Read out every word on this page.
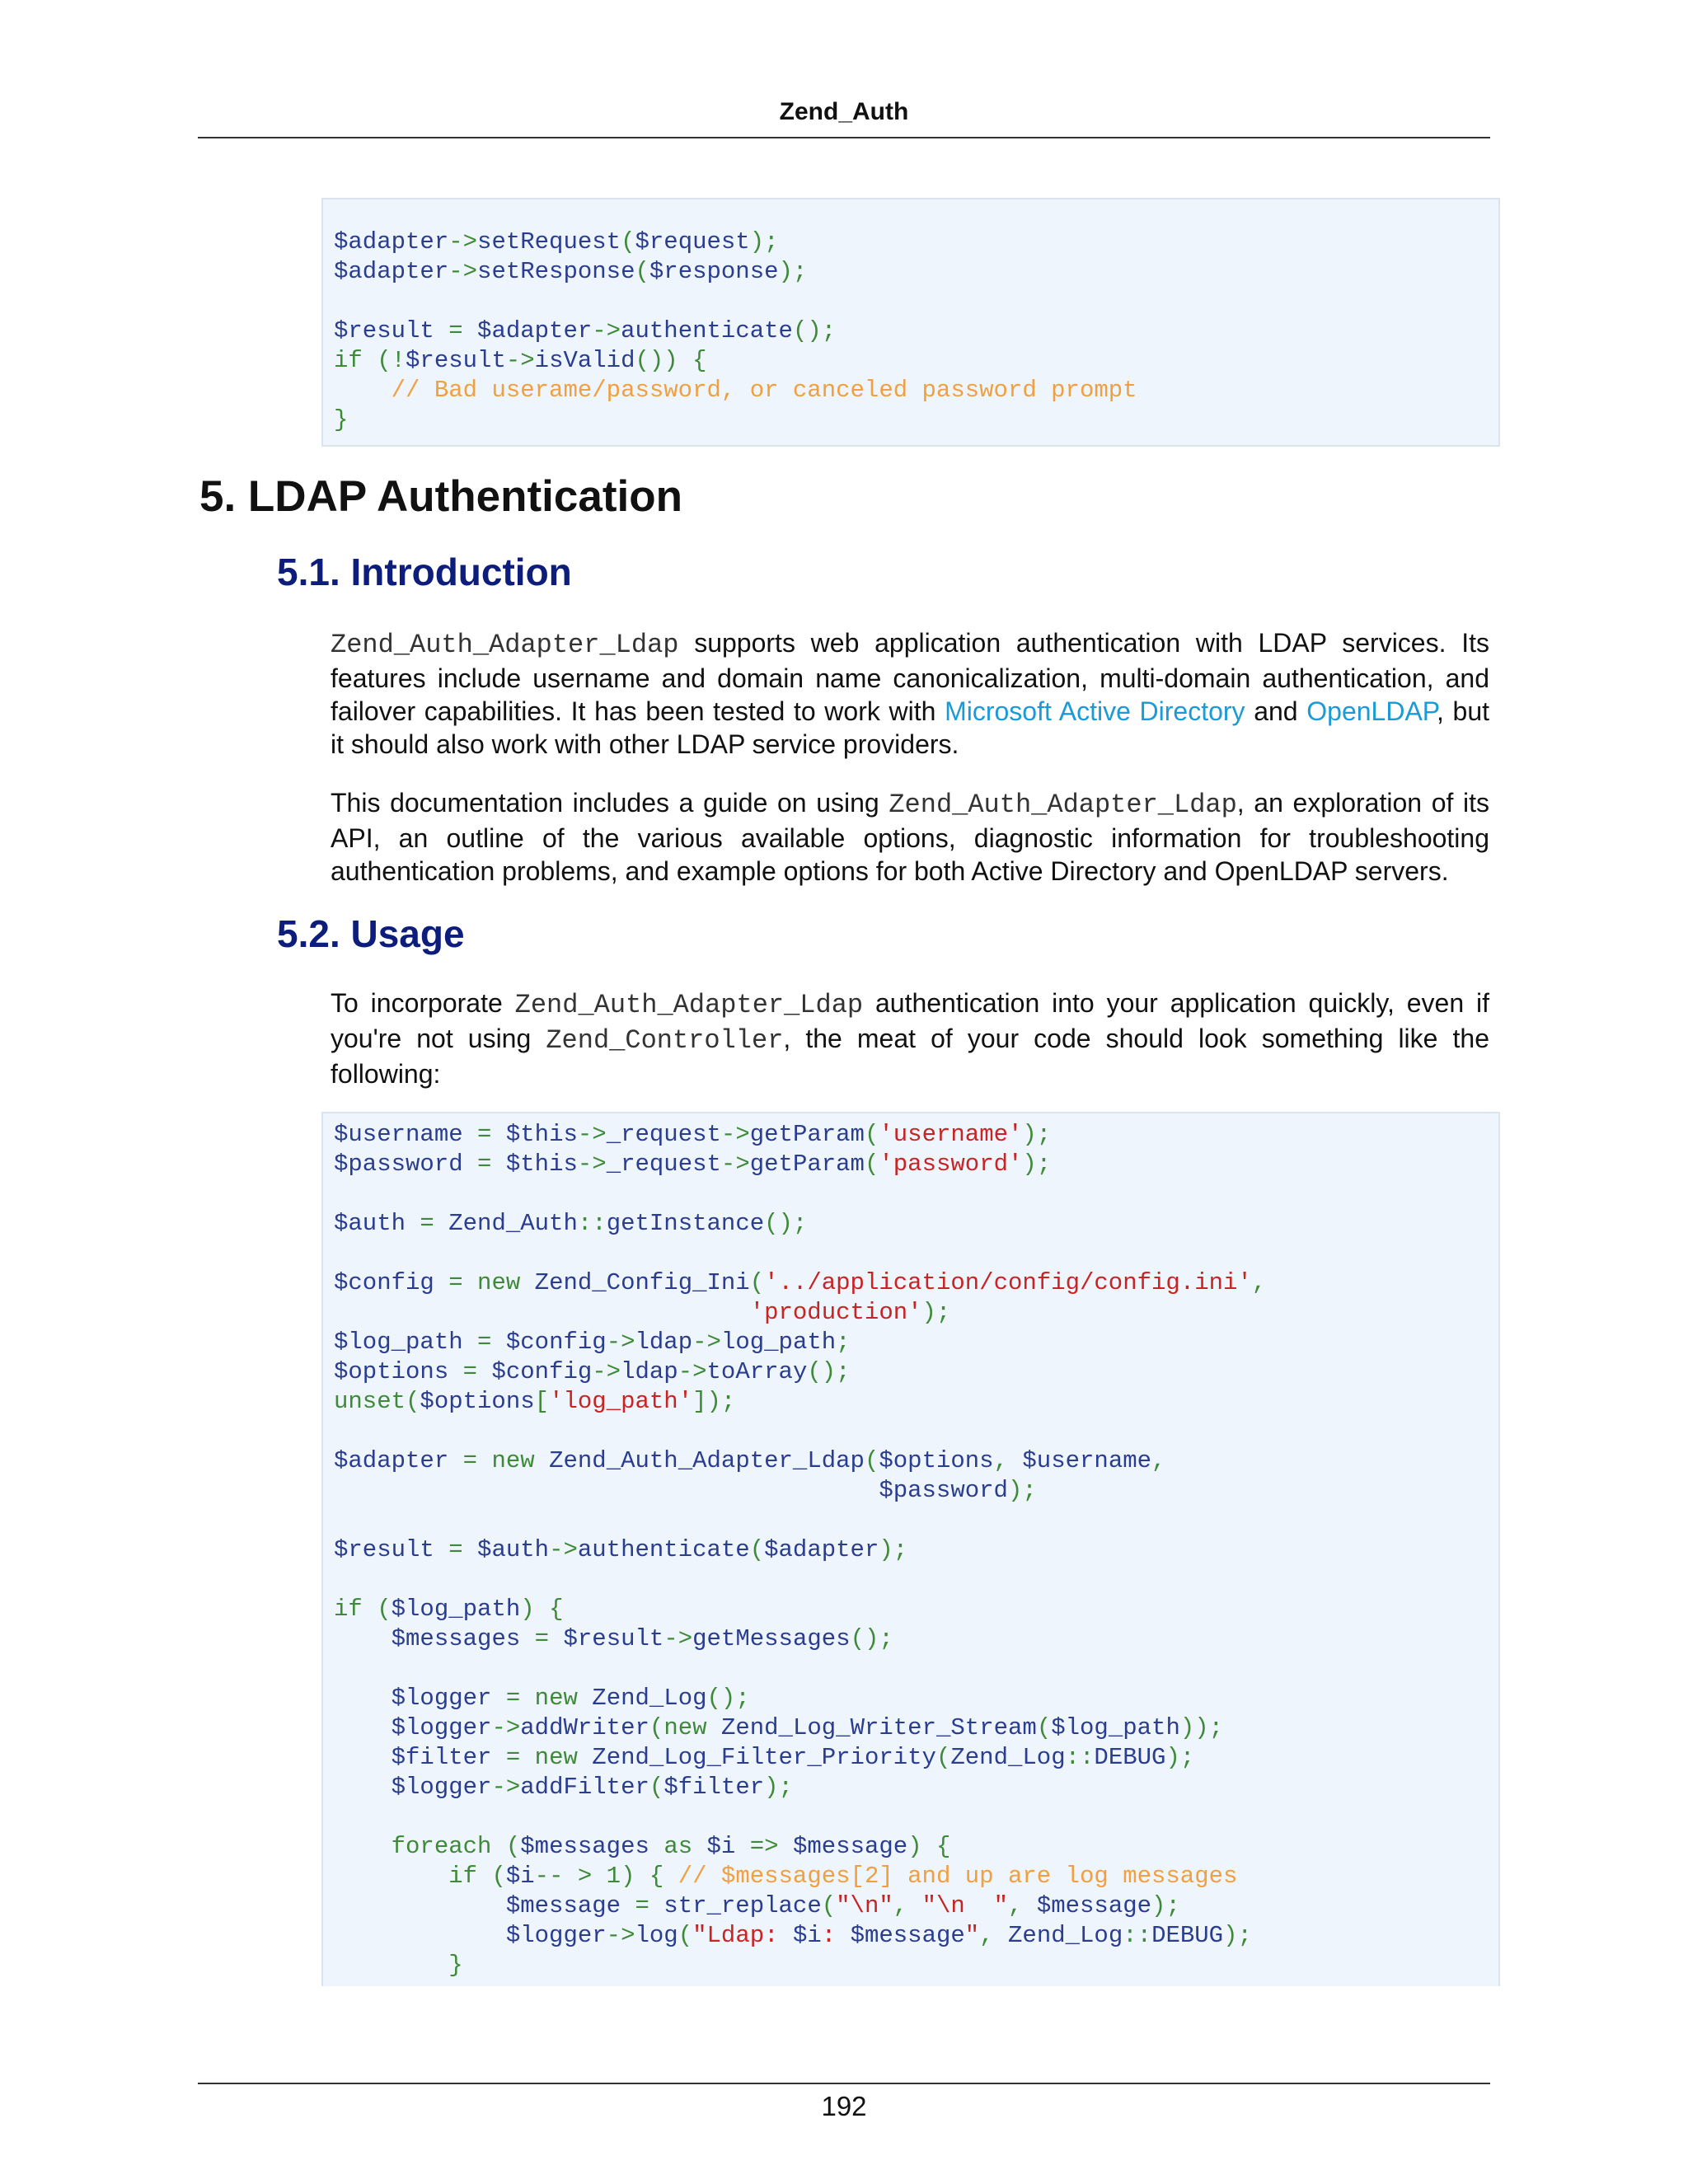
Zend_Auth
$adapter->setRequest($request);
$adapter->setResponse($response);

$result = $adapter->authenticate();
if (!$result->isValid()) {
// Bad userame/password, or canceled password prompt
}
5. LDAP Authentication
5.1. Introduction

Zend_Auth_Adapter_Ldap supports web application authentication with LDAP services. Its features include username and domain name canonicalization, multi-domain authentication, and failover capabilities. It has been tested to work with Microsoft Active Directory and OpenLDAP, but it should also work with other LDAP service providers.

This documentation includes a guide on using Zend_Auth_Adapter_Ldap, an exploration of its API, an outline of the various available options, diagnostic information for troubleshooting authentication problems, and example options for both Active Directory and OpenLDAP servers.

5.2. Usage

To incorporate Zend_Auth_Adapter_Ldap authentication into your application quickly, even if you're not using Zend_Controller, the meat of your code should look something like the following:

$username = $this->_request->getParam('username');
$password = $this->_request->getParam('password');

$auth = Zend_Auth::getInstance();

$config = new Zend_Config_Ini('../application/config/config.ini',
'production');
$log_path = $config->ldap->log_path;
$options = $config->ldap->toArray();
unset($options['log_path']);

$adapter = new Zend_Auth_Adapter_Ldap($options, $username,
$password);

$result = $auth->authenticate($adapter);

if ($log_path) {
$messages = $result->getMessages();

$logger = new Zend_Log();
$logger->addWriter(new Zend_Log_Writer_Stream($log_path));
$filter = new Zend_Log_Filter_Priority(Zend_Log::DEBUG);
$logger->addFilter($filter);

foreach ($messages as $i => $message) {
if ($i-- > 1) { // $messages[2] and up are log messages
$message = str_replace("\n", "\n  ", $message);
$logger->log("Ldap: $i: $message", Zend_Log::DEBUG);
}
192
